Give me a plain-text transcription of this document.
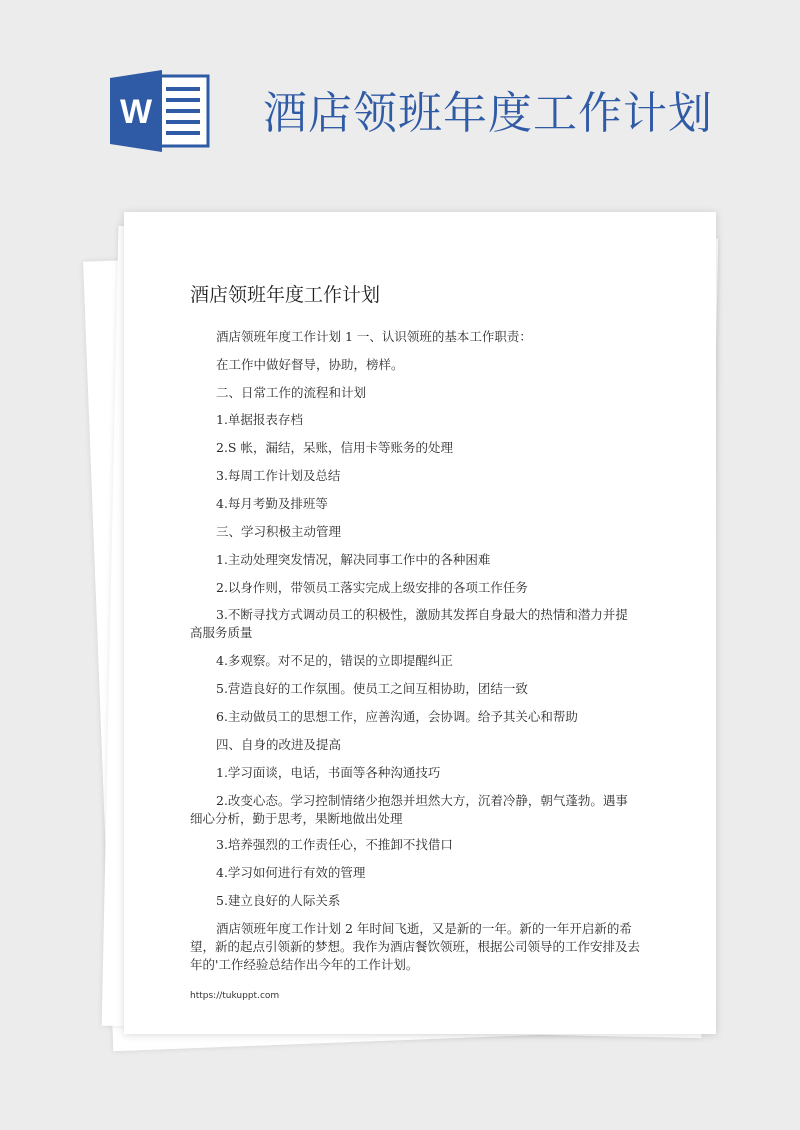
W	酒店领班年度工作计划
酒店领班年度工作计划

酒店领班年度工作计划 1 一、认识领班的基本工作职责：

在工作中做好督导，协助，榜样。

二、日常工作的流程和计划

1.单据报表存档

2.S 帐，漏结，呆账，信用卡等账务的处理

3.每周工作计划及总结

4.每月考勤及排班等

三、学习积极主动管理

1.主动处理突发情况，解决同事工作中的各种困难

2.以身作则，带领员工落实完成上级安排的各项工作任务

3.不断寻找方式调动员工的积极性，激励其发挥自身最大的热情和潜力并提高服务质量

4.多观察。对不足的，错误的立即提醒纠正

5.营造良好的工作氛围。使员工之间互相协助，团结一致

6.主动做员工的思想工作，应善沟通，会协调。给予其关心和帮助

四、自身的改进及提高

1.学习面谈，电话，书面等各种沟通技巧

2.改变心态。学习控制情绪少抱怨并坦然大方，沉着冷静，朝气蓬勃。遇事细心分析，勤于思考，果断地做出处理

3.培养强烈的工作责任心，不推卸不找借口

4.学习如何进行有效的管理

5.建立良好的人际关系

酒店领班年度工作计划 2 年时间飞逝，又是新的一年。新的一年开启新的希望，新的起点引领新的梦想。我作为酒店餐饮领班，根据公司领导的工作安排及去年的'工作经验总结作出今年的工作计划。

https://tukuppt.com
